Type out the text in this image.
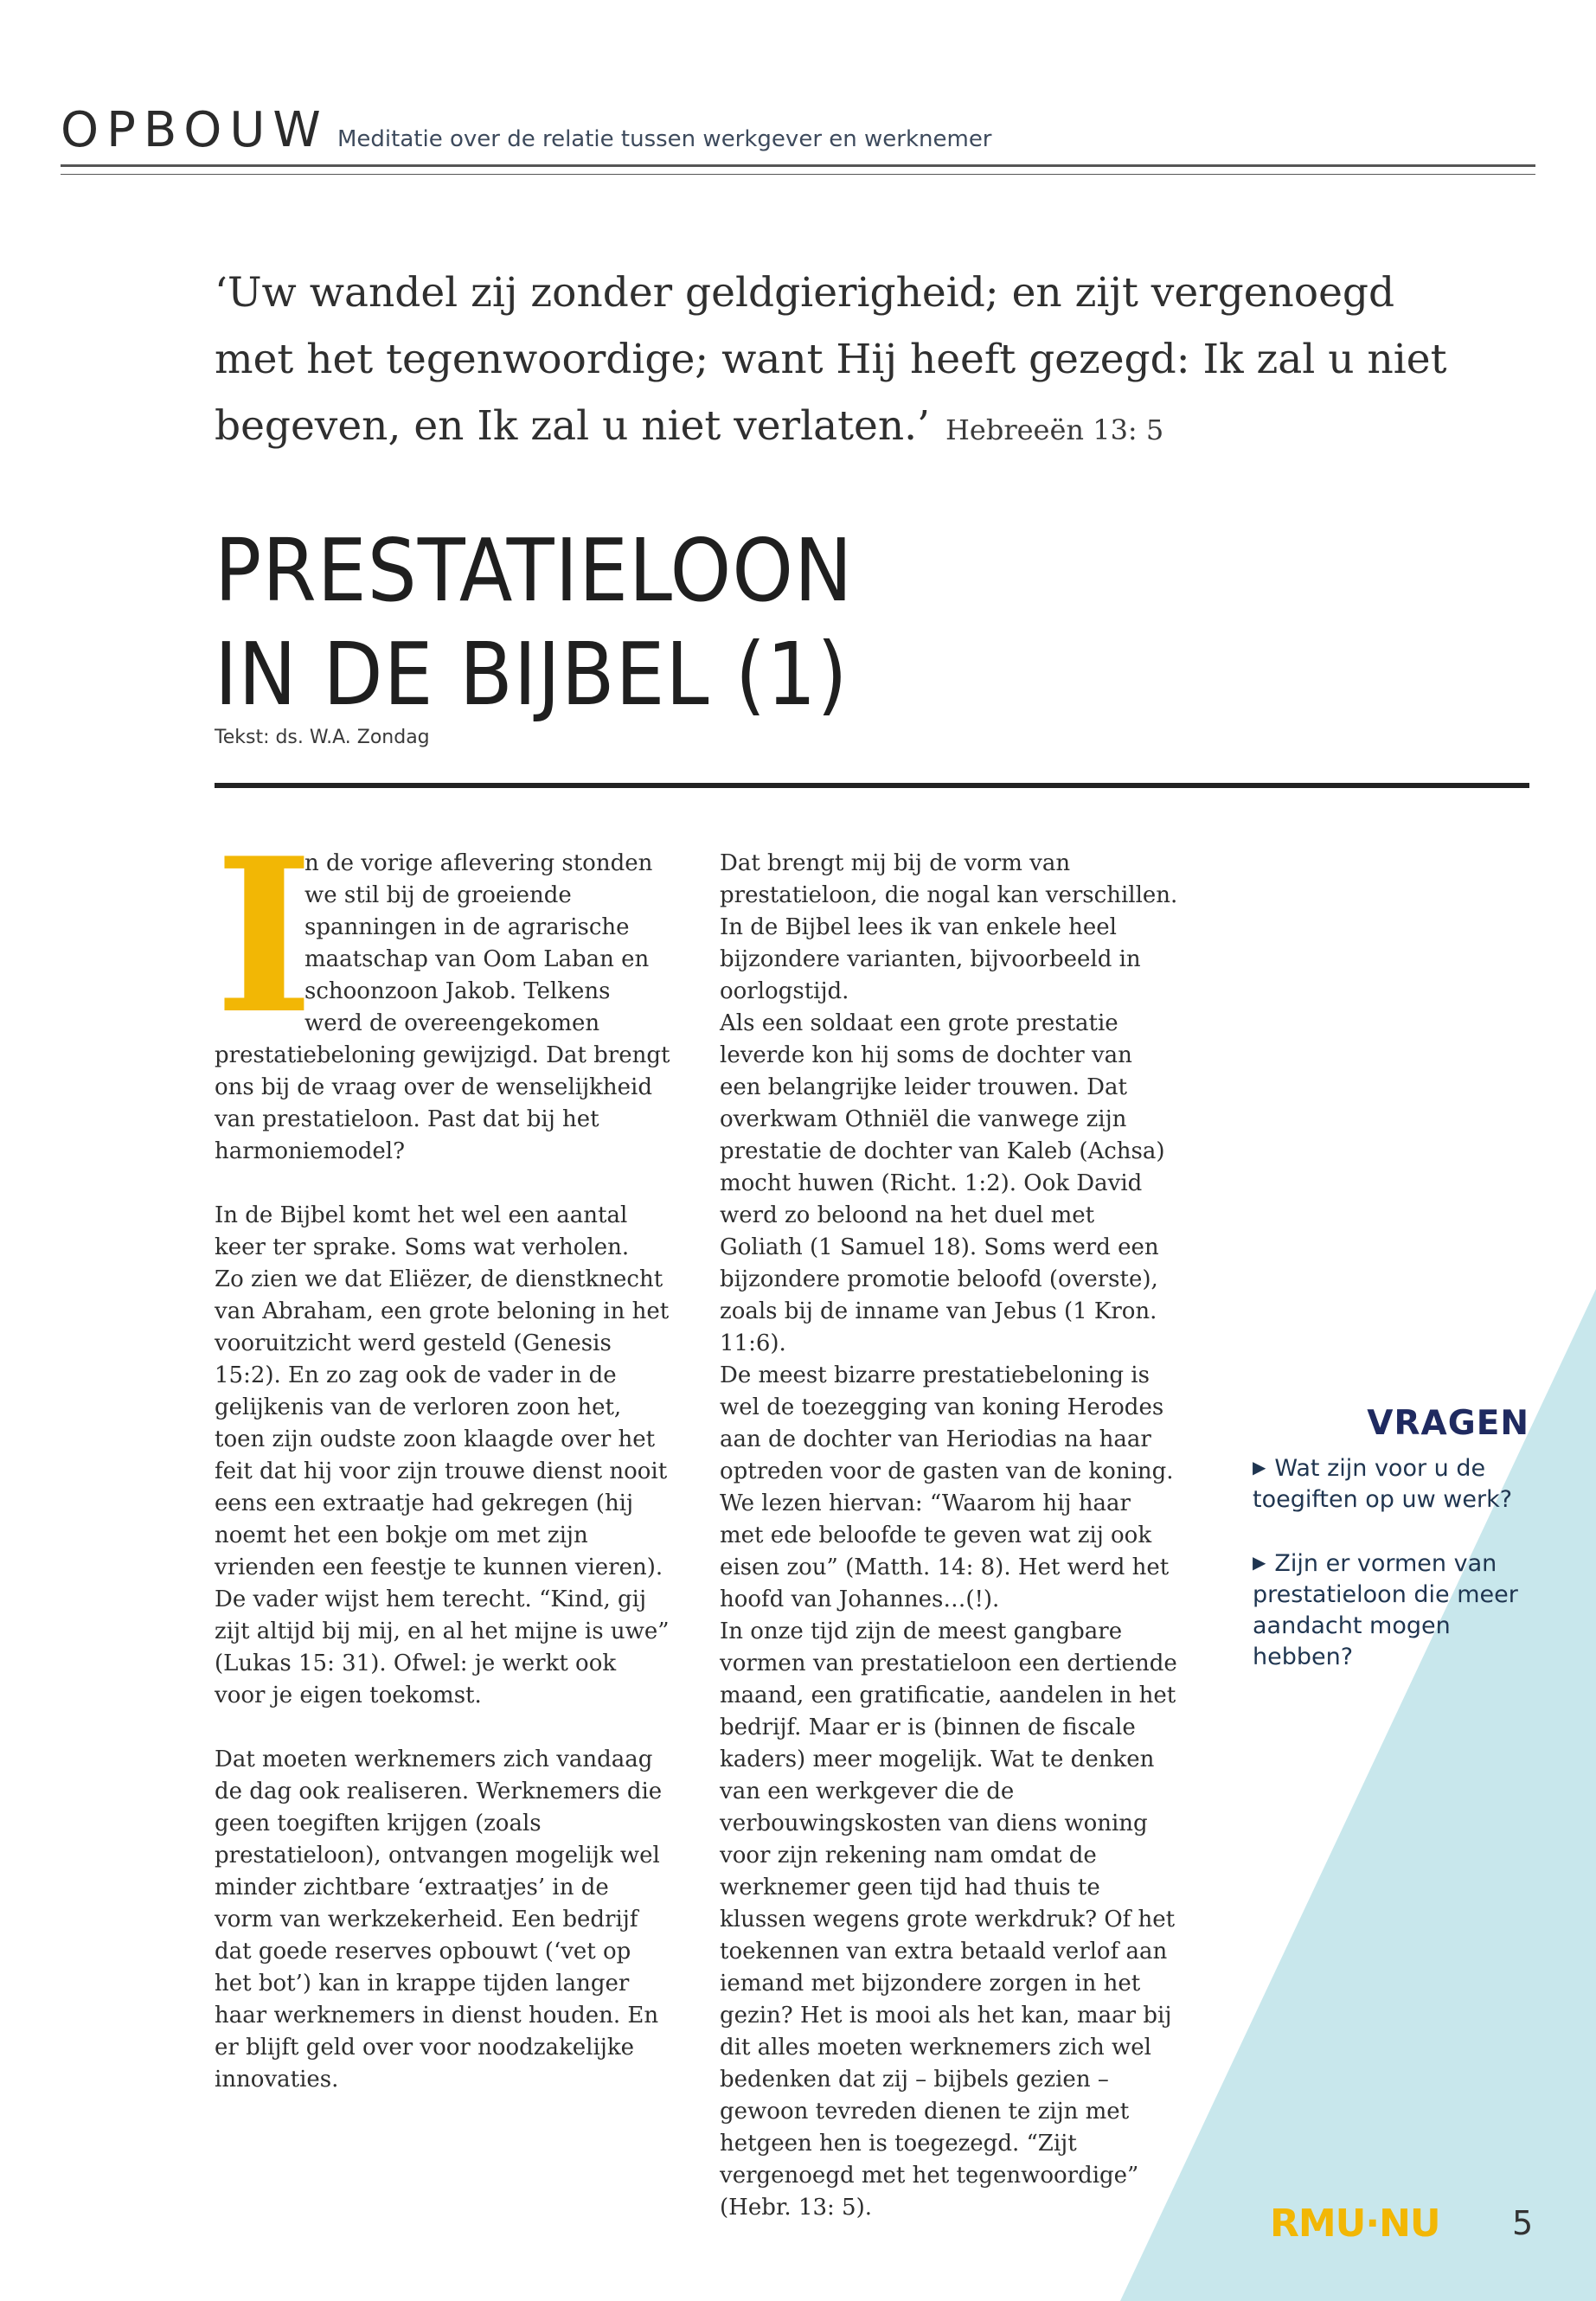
OPBOUW Meditatie over de relatie tussen werkgever en werknemer

‘Uw wandel zij zonder geldgierigheid; en zijt vergenoegd met het tegenwoordige; want Hij heeft gezegd: Ik zal u niet begeven, en Ik zal u niet verlaten.’ Hebreeën 13: 5

PRESTATIELOON
IN DE BIJBEL (1)
Tekst: ds. W.A. Zondag

I
n de vorige aflevering stonden we stil bij de groeiende spanningen in de agrarische maatschap van Oom Laban en schoonzoon Jakob. Telkens werd de overeengekomen prestatiebeloning gewijzigd. Dat brengt ons bij de vraag over de wenselijkheid van prestatieloon. Past dat bij het harmoniemodel?

In de Bijbel komt het wel een aantal keer ter sprake. Soms wat verholen.

Zo zien we dat Eliëzer, de dienstknecht van Abraham, een grote beloning in het vooruitzicht werd gesteld (Genesis 15:2). En zo zag ook de vader in de gelijkenis van de verloren zoon het, toen zijn oudste zoon klaagde over het feit dat hij voor zijn trouwe dienst nooit eens een extraatje had gekregen (hij noemt het een bokje om met zijn vrienden een feestje te kunnen vieren). De vader wijst hem terecht. “Kind, gij zijt altijd bij mij, en al het mijne is uwe” (Lukas 15: 31). Ofwel: je werkt ook voor je eigen toekomst.

Dat moeten werknemers zich vandaag de dag ook realiseren. Werknemers die geen toegiften krijgen (zoals prestatieloon), ontvangen mogelijk wel minder zichtbare ‘extraatjes’ in de vorm van werkzekerheid. Een bedrijf dat goede reserves opbouwt (‘vet op het bot’) kan in krappe tijden langer haar werknemers in dienst houden. En er blijft geld over voor noodzakelijke innovaties.

Dat brengt mij bij de vorm van prestatieloon, die nogal kan verschillen. In de Bijbel lees ik van enkele heel bijzondere varianten, bijvoorbeeld in oorlogstijd.

Als een soldaat een grote prestatie leverde kon hij soms de dochter van een belangrijke leider trouwen. Dat overkwam Othniël die vanwege zijn prestatie de dochter van Kaleb (Achsa) mocht huwen (Richt. 1:2). Ook David werd zo beloond na het duel met Goliath (1 Samuel 18). Soms werd een bijzondere promotie beloofd (overste), zoals bij de inname van Jebus (1 Kron. 11:6).

De meest bizarre prestatiebeloning is wel de toezegging van koning Herodes aan de dochter van Heriodias na haar optreden voor de gasten van de koning. We lezen hiervan: “Waarom hij haar met ede beloofde te geven wat zij ook eisen zou” (Matth. 14: 8). Het werd het hoofd van Johannes…(!).

In onze tijd zijn de meest gangbare vormen van prestatieloon een dertiende maand, een gratificatie, aandelen in het bedrijf. Maar er is (binnen de fiscale kaders) meer mogelijk. Wat te denken van een werkgever die de verbouwingskosten van diens woning voor zijn rekening nam omdat de werknemer geen tijd had thuis te klussen wegens grote werkdruk? Of het toekennen van extra betaald verlof aan iemand met bijzondere zorgen in het gezin? Het is mooi als het kan, maar bij dit alles moeten werknemers zich wel bedenken dat zij – bijbels gezien – gewoon tevreden dienen te zijn met hetgeen hen is toegezegd. “Zijt vergenoegd met het tegenwoordige” (Hebr. 13: 5).

VRAGEN
▶ Wat zijn voor u de toegiften op uw werk?
▶ Zijn er vormen van prestatieloon die meer aandacht mogen hebben?
RMU·NU 5
